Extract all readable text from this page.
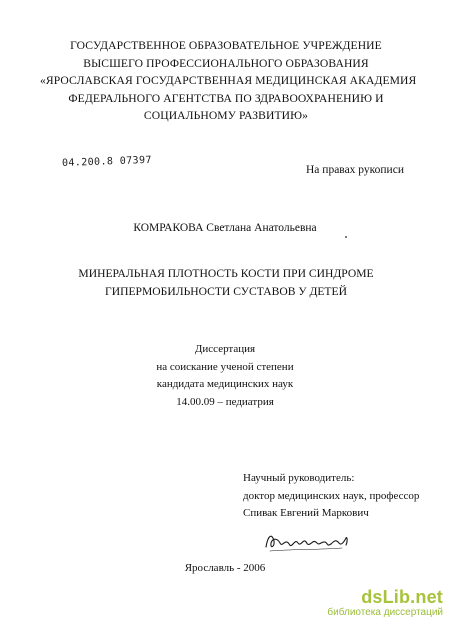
ГОСУДАРСТВЕННОЕ ОБРАЗОВАТЕЛЬНОЕ УЧРЕЖДЕНИЕ
ВЫСШЕГО ПРОФЕССИОНАЛЬНОГО ОБРАЗОВАНИЯ
«ЯРОСЛАВСКАЯ ГОСУДАРСТВЕННАЯ МЕДИЦИНСКАЯ АКАДЕМИЯ
ФЕДЕРАЛЬНОГО АГЕНТСТВА ПО ЗДРАВООХРАНЕНИЮ И
СОЦИАЛЬНОМУ РАЗВИТИЮ»
04.200.8 07397
На правах рукописи
КОМРАКОВА Светлана Анатольевна
МИНЕРАЛЬНАЯ ПЛОТНОСТЬ КОСТИ ПРИ СИНДРОМЕ
ГИПЕРМОБИЛЬНОСТИ СУСТАВОВ У ДЕТЕЙ
Диссертация
на соискание ученой степени
кандидата медицинских наук
14.00.09 – педиатрия
Научный руководитель:
доктор медицинских наук, профессор
Спивак Евгений Маркович
Ярославль - 2006
dsLib.net
библиотека диссертаций
